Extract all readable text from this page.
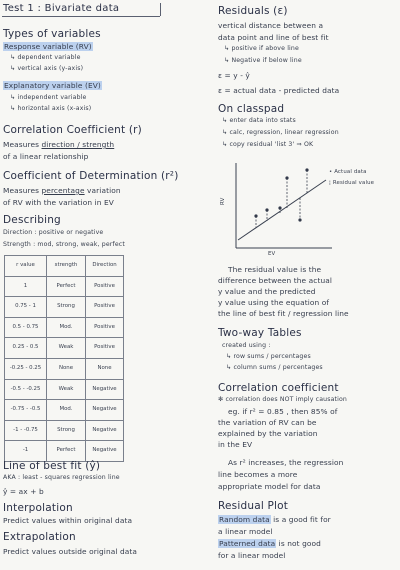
Test 1 : Bivariate data
Types of variables
Response variable (RV)
↳ dependent variable
↳ vertical axis (y-axis)
Explanatory variable (EV)
↳ independent variable
↳ horizontal axis (x-axis)
Correlation Coefficient (r)
Measures direction / strength
of a linear relationship
Coefficient of Determination (r²)
Measures percentage variation
of RV with the variation in EV
Describing
Direction : positive or negative
Strength : mod, strong, weak, perfect
r value	strength	Direction
1	Perfect	Positive
0.75 - 1	Strong	Positive
0.5 - 0.75	Mod.	Positive
0.25 - 0.5	Weak	Positive
-0.25 - 0.25	None	None
-0.5 - -0.25	Weak	Negative
-0.75 - -0.5	Mod.	Negative
-1 - -0.75	Strong	Negative
-1	Perfect	Negative
Line of best fit (ŷ)
AKA : least - squares regression line
ŷ = ax + b
Interpolation
Predict values within original data
Extrapolation
Predict values outside original data
Residuals (ε)
vertical distance between a
data point and line of best fit
↳ positive if above line
↳ Negative if below line
ε = y - ŷ
ε = actual data - predicted data
On classpad
↳ enter data into stats
↳ calc, regression, linear regression
↳ copy residual 'list 3' ⇒ OK
• Actual data
¦ Residual value
RV
EV
The residual value is the
difference between the actual
y value and the predicted
y value using the equation of
the line of best fit / regression line
Two-way Tables
created using :
↳ row sums / percentages
↳ column sums / percentages
Correlation coefficient
✻ correlation does NOT imply causation
eg. if r² = 0.85 , then 85% of
the variation of RV can be
explained by the variation
in the EV
As r² increases, the regression
line becomes a more
appropriate model for data
Residual Plot
Random data is a good fit for
a linear model
Patterned data is not good
for a linear model
